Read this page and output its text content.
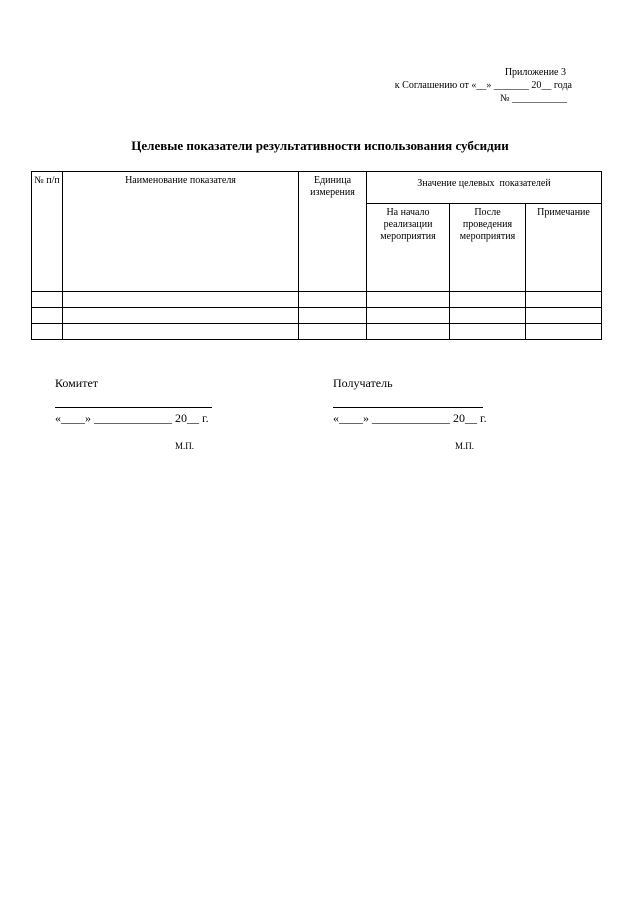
Приложение 3
к Соглашению от «__» _______ 20__ года
№ ___________
Целевые показатели результативности использования субсидии
№ п/п	Наименование показателя	Единица измерения	Значение целевых  показателей		

			На начало реализации мероприятия	После проведения мероприятия	Примечание

Комитет
«____» _____________ 20__ г.
М.П.
Получатель
«____» _____________ 20__ г.
М.П.
